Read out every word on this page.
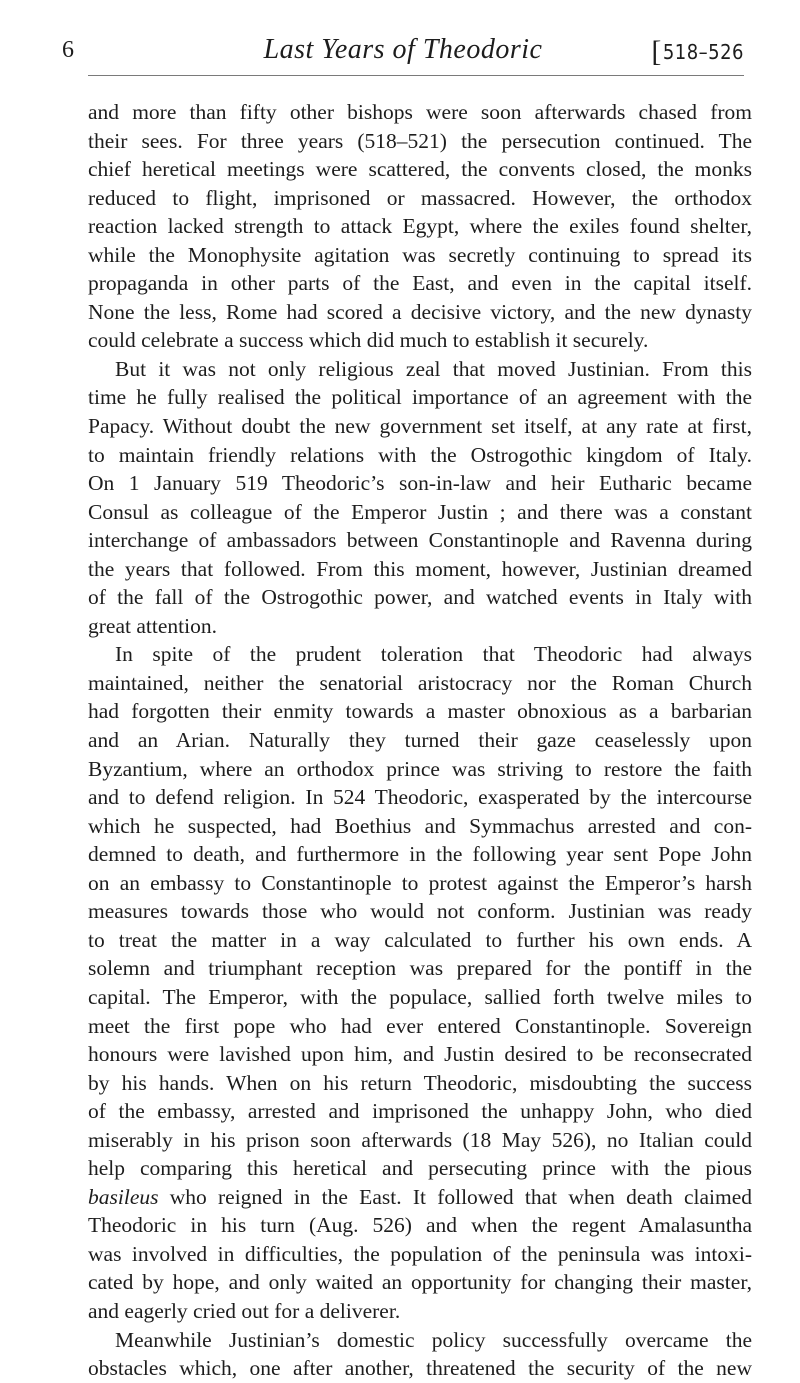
6	Last Years of Theodoric	[518–526
and more than fifty other bishops were soon afterwards chased from
their sees. For three years (518–521) the persecution continued. The
chief heretical meetings were scattered, the convents closed, the monks
reduced to flight, imprisoned or massacred. However, the orthodox
reaction lacked strength to attack Egypt, where the exiles found shelter,
while the Monophysite agitation was secretly continuing to spread its
propaganda in other parts of the East, and even in the capital itself.
None the less, Rome had scored a decisive victory, and the new dynasty
could celebrate a success which did much to establish it securely.
But it was not only religious zeal that moved Justinian. From this
time he fully realised the political importance of an agreement with the
Papacy. Without doubt the new government set itself, at any rate at first,
to maintain friendly relations with the Ostrogothic kingdom of Italy.
On 1 January 519 Theodoric’s son-in-law and heir Eutharic became
Consul as colleague of the Emperor Justin ; and there was a constant
interchange of ambassadors between Constantinople and Ravenna during
the years that followed. From this moment, however, Justinian dreamed
of the fall of the Ostrogothic power, and watched events in Italy with
great attention.
In spite of the prudent toleration that Theodoric had always
maintained, neither the senatorial aristocracy nor the Roman Church
had forgotten their enmity towards a master obnoxious as a barbarian
and an Arian. Naturally they turned their gaze ceaselessly upon
Byzantium, where an orthodox prince was striving to restore the faith
and to defend religion. In 524 Theodoric, exasperated by the intercourse
which he suspected, had Boethius and Symmachus arrested and con-
demned to death, and furthermore in the following year sent Pope John
on an embassy to Constantinople to protest against the Emperor’s harsh
measures towards those who would not conform. Justinian was ready
to treat the matter in a way calculated to further his own ends. A
solemn and triumphant reception was prepared for the pontiff in the
capital. The Emperor, with the populace, sallied forth twelve miles to
meet the first pope who had ever entered Constantinople. Sovereign
honours were lavished upon him, and Justin desired to be reconsecrated
by his hands. When on his return Theodoric, misdoubting the success
of the embassy, arrested and imprisoned the unhappy John, who died
miserably in his prison soon afterwards (18 May 526), no Italian could
help comparing this heretical and persecuting prince with the pious
basileus who reigned in the East. It followed that when death claimed
Theodoric in his turn (Aug. 526) and when the regent Amalasuntha
was involved in difficulties, the population of the peninsula was intoxi-
cated by hope, and only waited an opportunity for changing their master,
and eagerly cried out for a deliverer.
Meanwhile Justinian’s domestic policy successfully overcame the
obstacles which, one after another, threatened the security of the new
